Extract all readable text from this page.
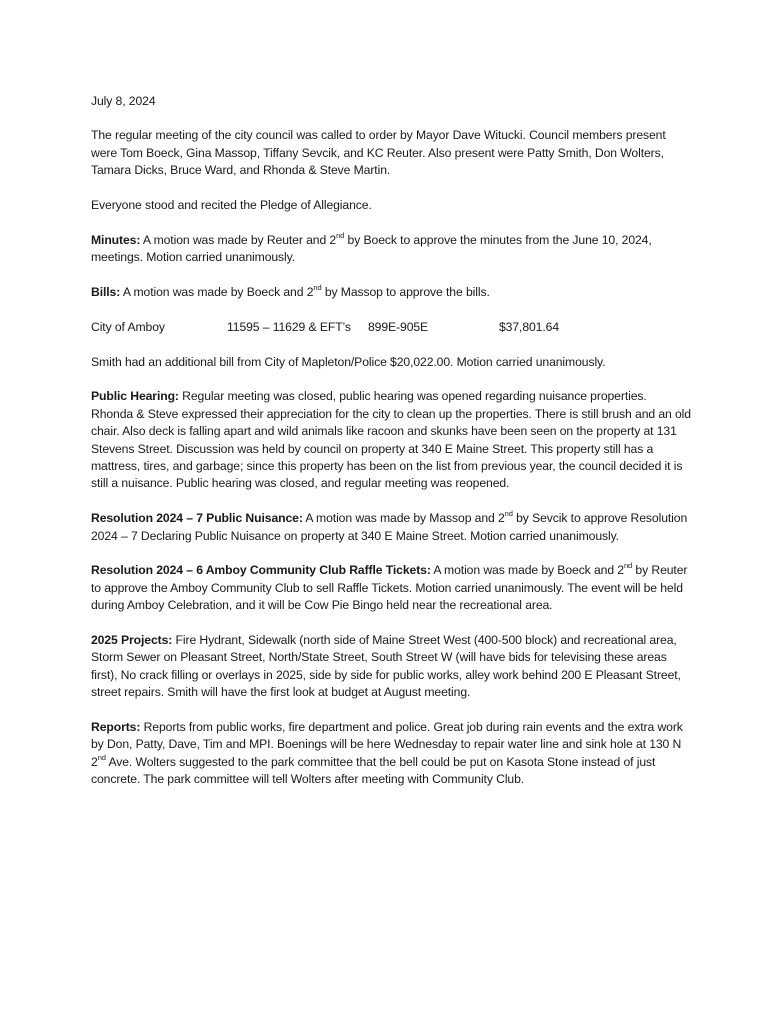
July 8, 2024

The regular meeting of the city council was called to order by Mayor Dave Witucki. Council members present were Tom Boeck, Gina Massop, Tiffany Sevcik, and KC Reuter. Also present were Patty Smith, Don Wolters, Tamara Dicks, Bruce Ward, and Rhonda & Steve Martin.

Everyone stood and recited the Pledge of Allegiance.

Minutes: A motion was made by Reuter and 2nd by Boeck to approve the minutes from the June 10, 2024, meetings. Motion carried unanimously.

Bills: A motion was made by Boeck and 2nd by Massop to approve the bills.

City of Amboy	11595 – 11629 & EFT’s	899E-905E	$37,801.64

Smith had an additional bill from City of Mapleton/Police $20,022.00. Motion carried unanimously.

Public Hearing: Regular meeting was closed, public hearing was opened regarding nuisance properties. Rhonda & Steve expressed their appreciation for the city to clean up the properties. There is still brush and an old chair. Also deck is falling apart and wild animals like racoon and skunks have been seen on the property at 131 Stevens Street. Discussion was held by council on property at 340 E Maine Street. This property still has a mattress, tires, and garbage; since this property has been on the list from previous year, the council decided it is still a nuisance. Public hearing was closed, and regular meeting was reopened.

Resolution 2024 – 7 Public Nuisance: A motion was made by Massop and 2nd by Sevcik to approve Resolution 2024 – 7 Declaring Public Nuisance on property at 340 E Maine Street. Motion carried unanimously.

Resolution 2024 – 6 Amboy Community Club Raffle Tickets: A motion was made by Boeck and 2nd by Reuter to approve the Amboy Community Club to sell Raffle Tickets. Motion carried unanimously. The event will be held during Amboy Celebration, and it will be Cow Pie Bingo held near the recreational area.

2025 Projects: Fire Hydrant, Sidewalk (north side of Maine Street West (400-500 block) and recreational area, Storm Sewer on Pleasant Street, North/State Street, South Street W (will have bids for televising these areas first), No crack filling or overlays in 2025, side by side for public works, alley work behind 200 E Pleasant Street, street repairs. Smith will have the first look at budget at August meeting.

Reports: Reports from public works, fire department and police. Great job during rain events and the extra work by Don, Patty, Dave, Tim and MPI. Boenings will be here Wednesday to repair water line and sink hole at 130 N 2nd Ave. Wolters suggested to the park committee that the bell could be put on Kasota Stone instead of just concrete. The park committee will tell Wolters after meeting with Community Club.
